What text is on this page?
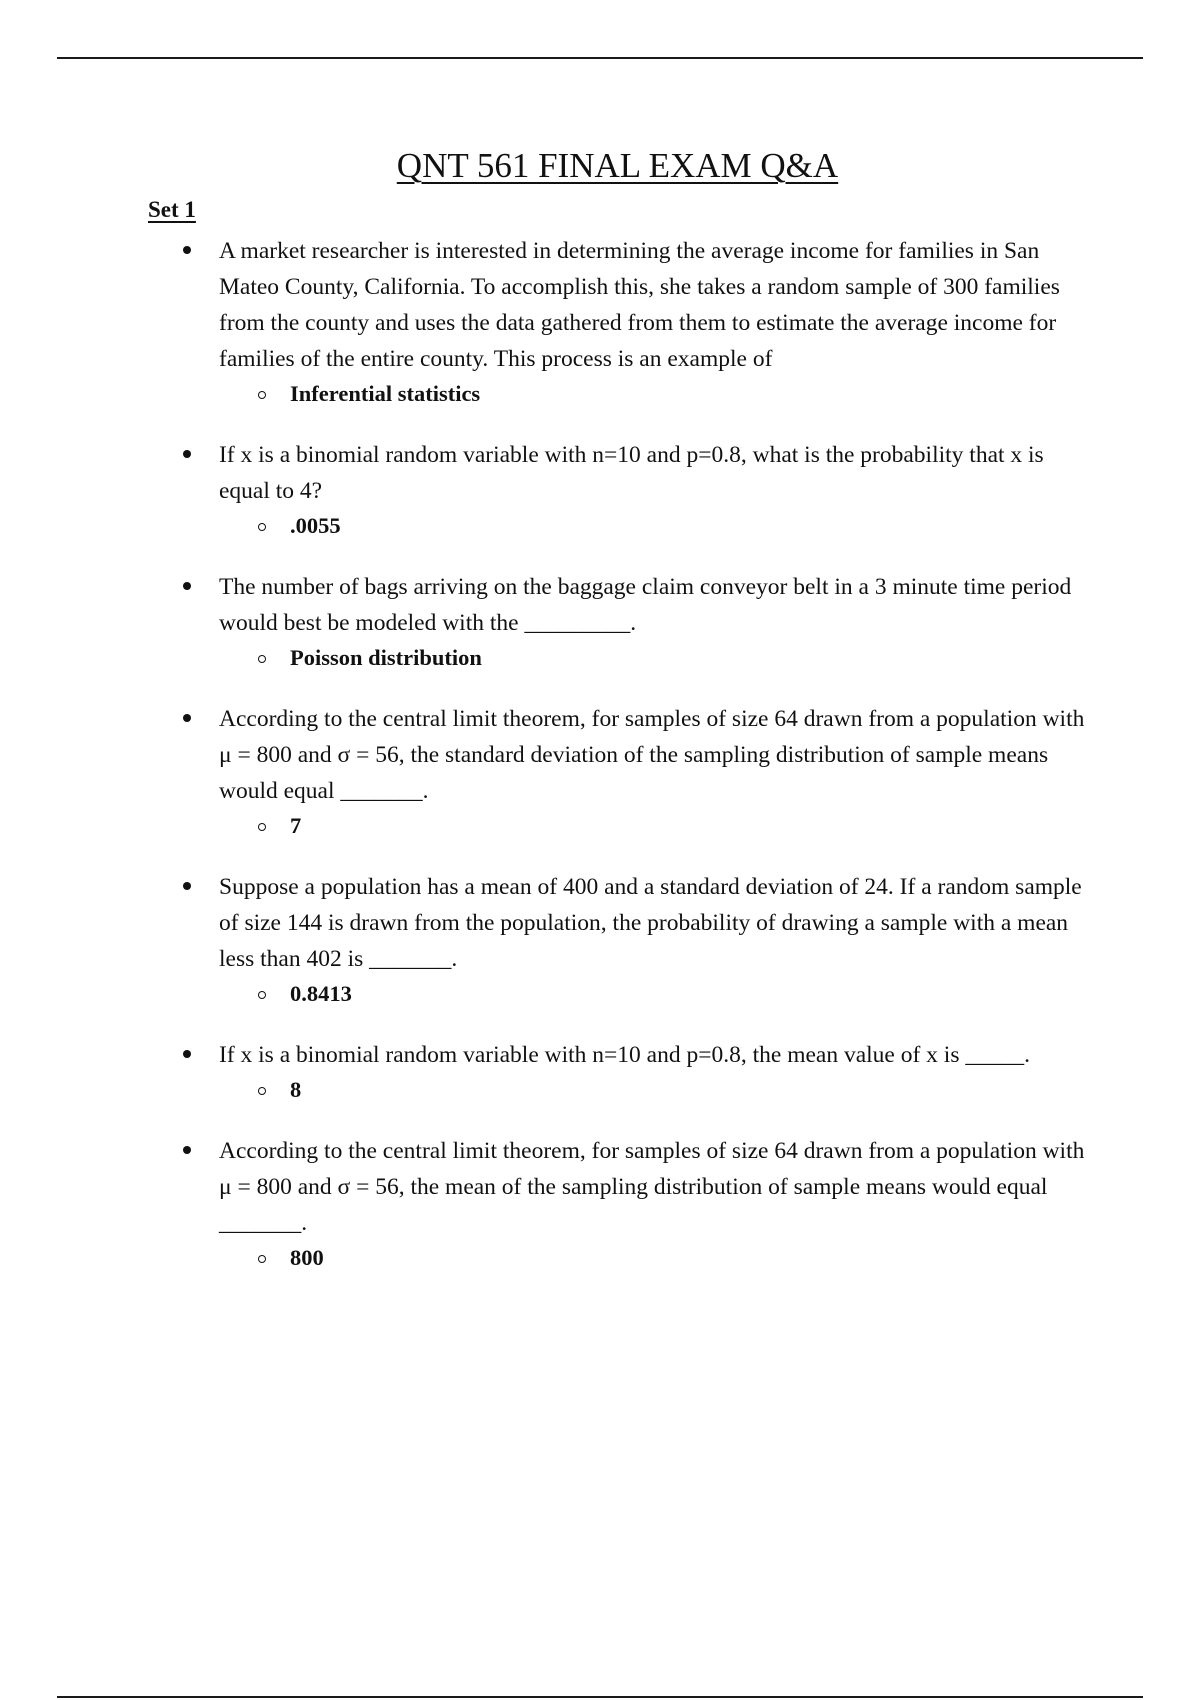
QNT 561 FINAL EXAM Q&A
Set 1

A market researcher is interested in determining the average income for families in San Mateo County, California. To accomplish this, she takes a random sample of 300 families from the county and uses the data gathered from them to estimate the average income for families of the entire county. This process is an example of

Inferential statistics

If x is a binomial random variable with n=10 and p=0.8, what is the probability that x is equal to 4?

.0055

The number of bags arriving on the baggage claim conveyor belt in a 3 minute time period would best be modeled with the _________.

Poisson distribution

According to the central limit theorem, for samples of size 64 drawn from a population with μ = 800 and σ = 56, the standard deviation of the sampling distribution of sample means would equal _______.

7

Suppose a population has a mean of 400 and a standard deviation of 24. If a random sample of size 144 is drawn from the population, the probability of drawing a sample with a mean less than 402 is _______.

0.8413

If x is a binomial random variable with n=10 and p=0.8, the mean value of x is _____.

8

According to the central limit theorem, for samples of size 64 drawn from a population with μ = 800 and σ = 56, the mean of the sampling distribution of sample means would equal _______.

800
